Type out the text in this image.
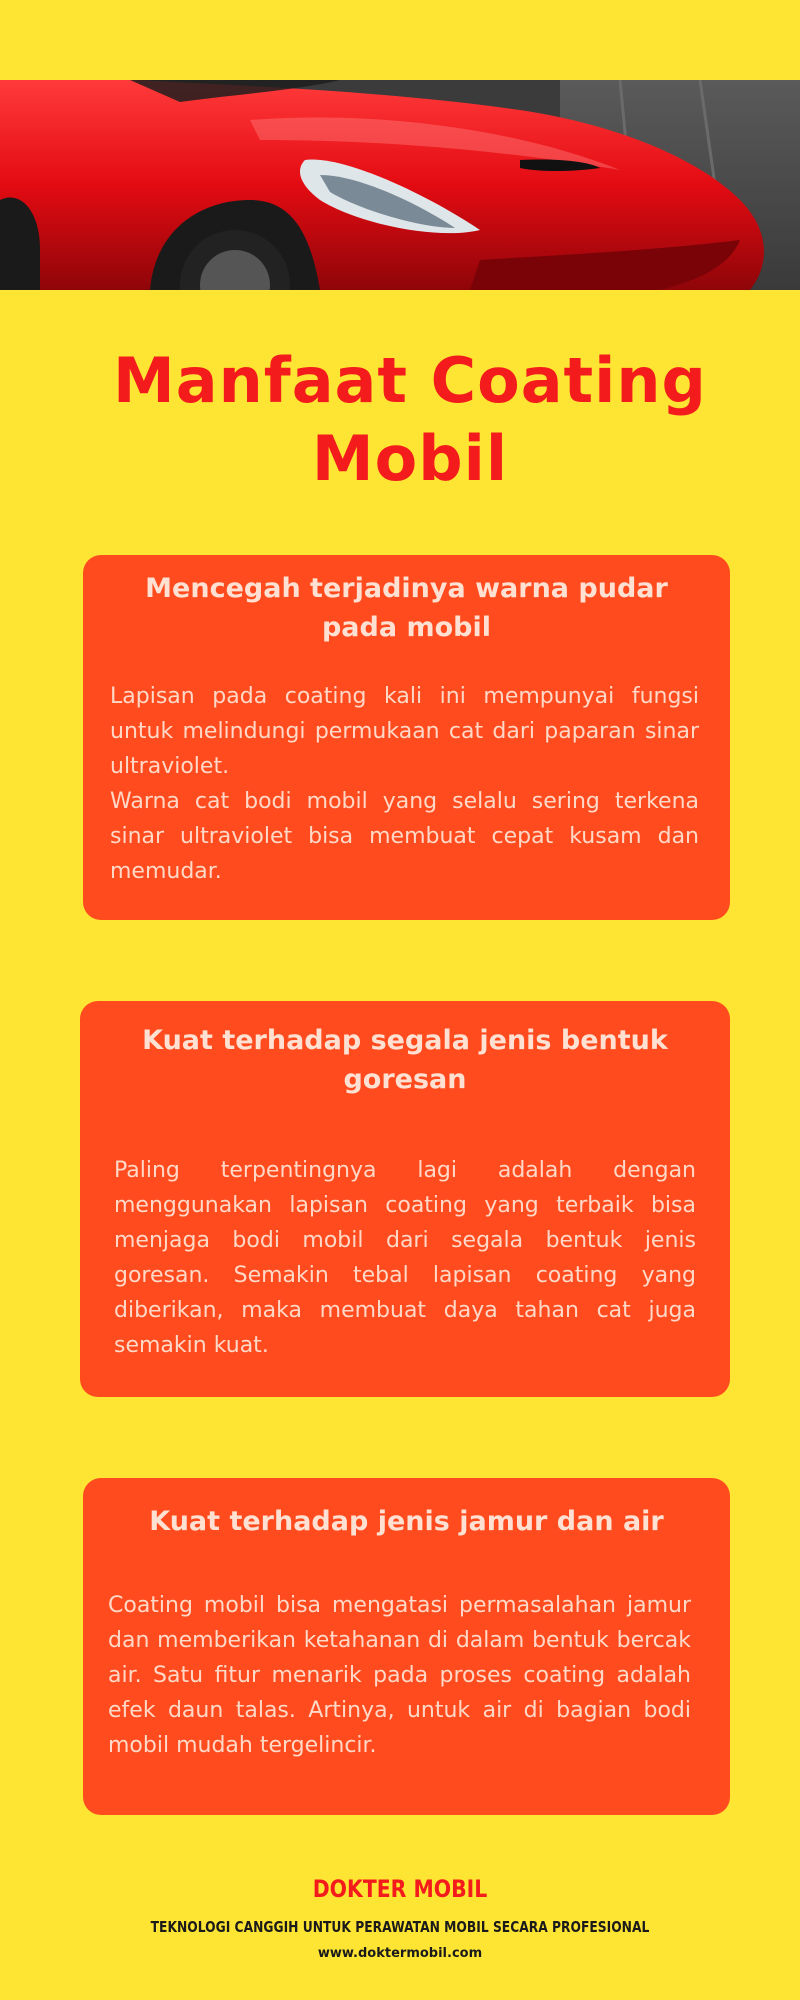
Manfaat Coating Mobil
Mencegah terjadinya warna pudar pada mobil

Lapisan pada coating kali ini mempunyai fungsi untuk melindungi permukaan cat dari paparan sinar ultraviolet.
Warna cat bodi mobil yang selalu sering terkena sinar ultraviolet bisa membuat cepat kusam dan memudar.

Kuat terhadap segala jenis bentuk goresan

Paling terpentingnya lagi adalah dengan menggunakan lapisan coating yang terbaik bisa menjaga bodi mobil dari segala bentuk jenis goresan. Semakin tebal lapisan coating yang diberikan, maka membuat daya tahan cat juga semakin kuat.

Kuat terhadap jenis jamur dan air

Coating mobil bisa mengatasi permasalahan jamur dan memberikan ketahanan di dalam bentuk bercak air. Satu fitur menarik pada proses coating adalah efek daun talas. Artinya, untuk air di bagian bodi mobil mudah tergelincir.

DOKTER MOBIL
TEKNOLOGI CANGGIH UNTUK PERAWATAN MOBIL SECARA PROFESIONAL
www.doktermobil.com
